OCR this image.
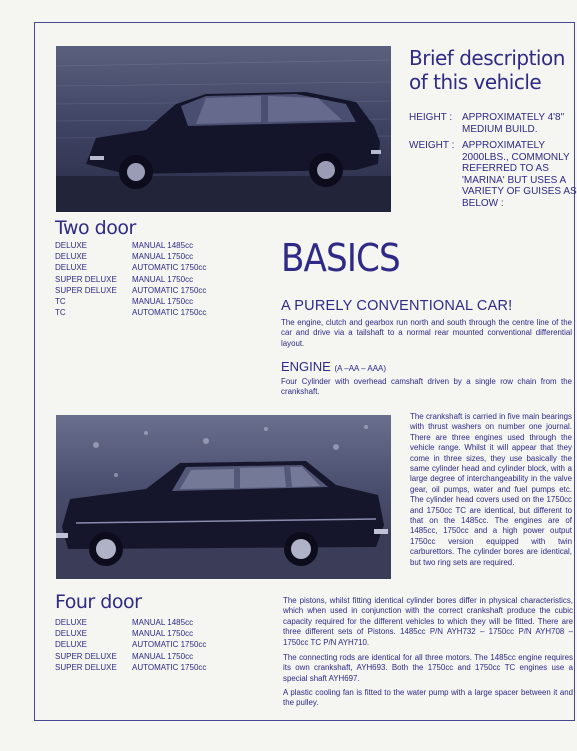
Brief description of this vehicle
HEIGHT : APPROXIMATELY 4'8" MEDIUM BUILD.
WEIGHT : APPROXIMATELY 2000LBS., COMMONLY REFERRED TO AS 'MARINA' BUT USES A VARIETY OF GUISES AS BELOW :
Two door
DELUXE	MANUAL 1485cc
DELUXE	MANUAL 1750cc
DELUXE	AUTOMATIC 1750cc
SUPER DELUXE MANUAL 1750cc
SUPER DELUXE AUTOMATIC 1750cc
TC	MANUAL 1750cc
TC	AUTOMATIC 1750cc
BASICS
A PURELY CONVENTIONAL CAR!
The engine, clutch and gearbox run north and south through the centre line of the car and drive via a tailshaft to a normal rear mounted conventional differential layout.
ENGINE (A –AA – AAA)
Four Cylinder with overhead camshaft driven by a single row chain from the crankshaft.
The crankshaft is carried in five main bearings with thrust washers on number one journal. There are three engines used through the vehicle range. Whilst it will appear that they come in three sizes, they use basically the same cylinder head and cylinder block, with a large degree of interchangeability in the valve gear, oil pumps, water and fuel pumps etc. The cylinder head covers used on the 1750cc and 1750cc TC are identical, but different to that on the 1485cc. The engines are of 1485cc, 1750cc and a high power output 1750cc version equipped with twin carburettors. The cylinder bores are identical, but two ring sets are required.
Four door
DELUXE	MANUAL 1485cc
DELUXE	MANUAL 1750cc
DELUXE	AUTOMATIC 1750cc
SUPER DELUXE MANUAL 1750cc
SUPER DELUXE AUTOMATIC 1750cc
The pistons, whilst fitting identical cylinder bores differ in physical characteristics, which when used in conjunction with the correct crankshaft produce the cubic capacity required for the different vehicles to which they will be fitted. There are three different sets of Pistons. 1485cc P/N AYH732 – 1750cc P/N AYH708 – 1750cc TC P/N AYH710.
The connecting rods are identical for all three motors. The 1485cc engine requires its own crankshaft, AYH693. Both the 1750cc and 1750cc TC engines use a special shaft AYH697.
A plastic cooling fan is fitted to the water pump with a large spacer between it and the pulley.
